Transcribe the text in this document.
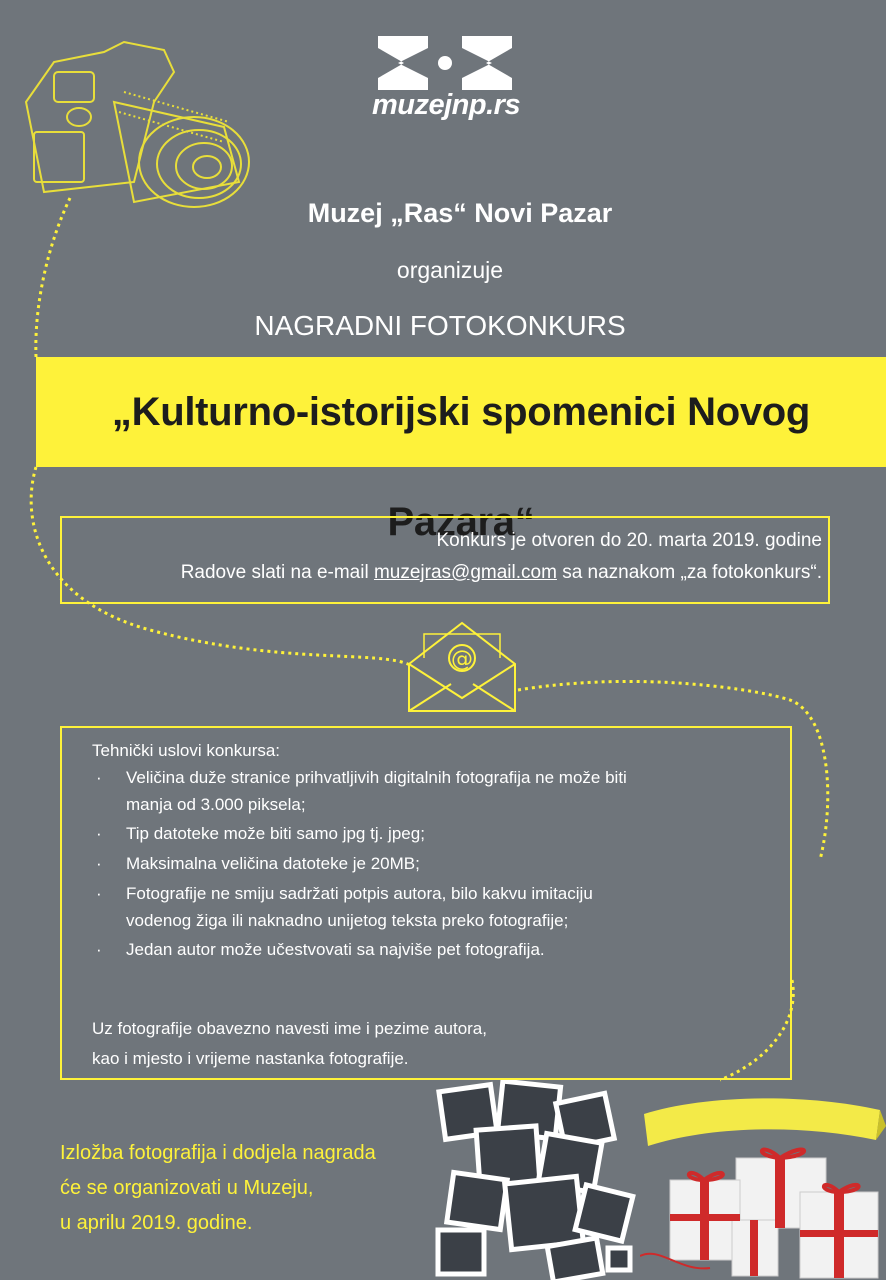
muzejnp.rs
Muzej „Ras“ Novi Pazar
organizuje
NAGRADNI FOTOKONKURS
„Kulturno-istorijski spomenici Novog Pazara“
Konkurs je otvoren do 20. marta 2019. godine
Radove slati na e-mail muzejras@gmail.com sa naznakom „za fotokonkurs“.
@
Tehnički uslovi konkursa:
· Veličina duže stranice prihvatljivih digitalnih fotografija ne može biti
manja od 3.000 piksela;
· Tip datoteke može biti samo jpg tj. jpeg;
· Maksimalna veličina datoteke je 20MB;
· Fotografije ne smiju sadržati potpis autora, bilo kakvu imitaciju
vodenog žiga ili naknadno unijetog teksta preko fotografije;
· Jedan autor može učestvovati sa najviše pet fotografija.
Uz fotografije obavezno navesti ime i pezime autora,
kao i mjesto i vrijeme nastanka fotografije.
Izložba fotografija i dodjela nagrada
će se organizovati u Muzeju,
u aprilu 2019. godine.
